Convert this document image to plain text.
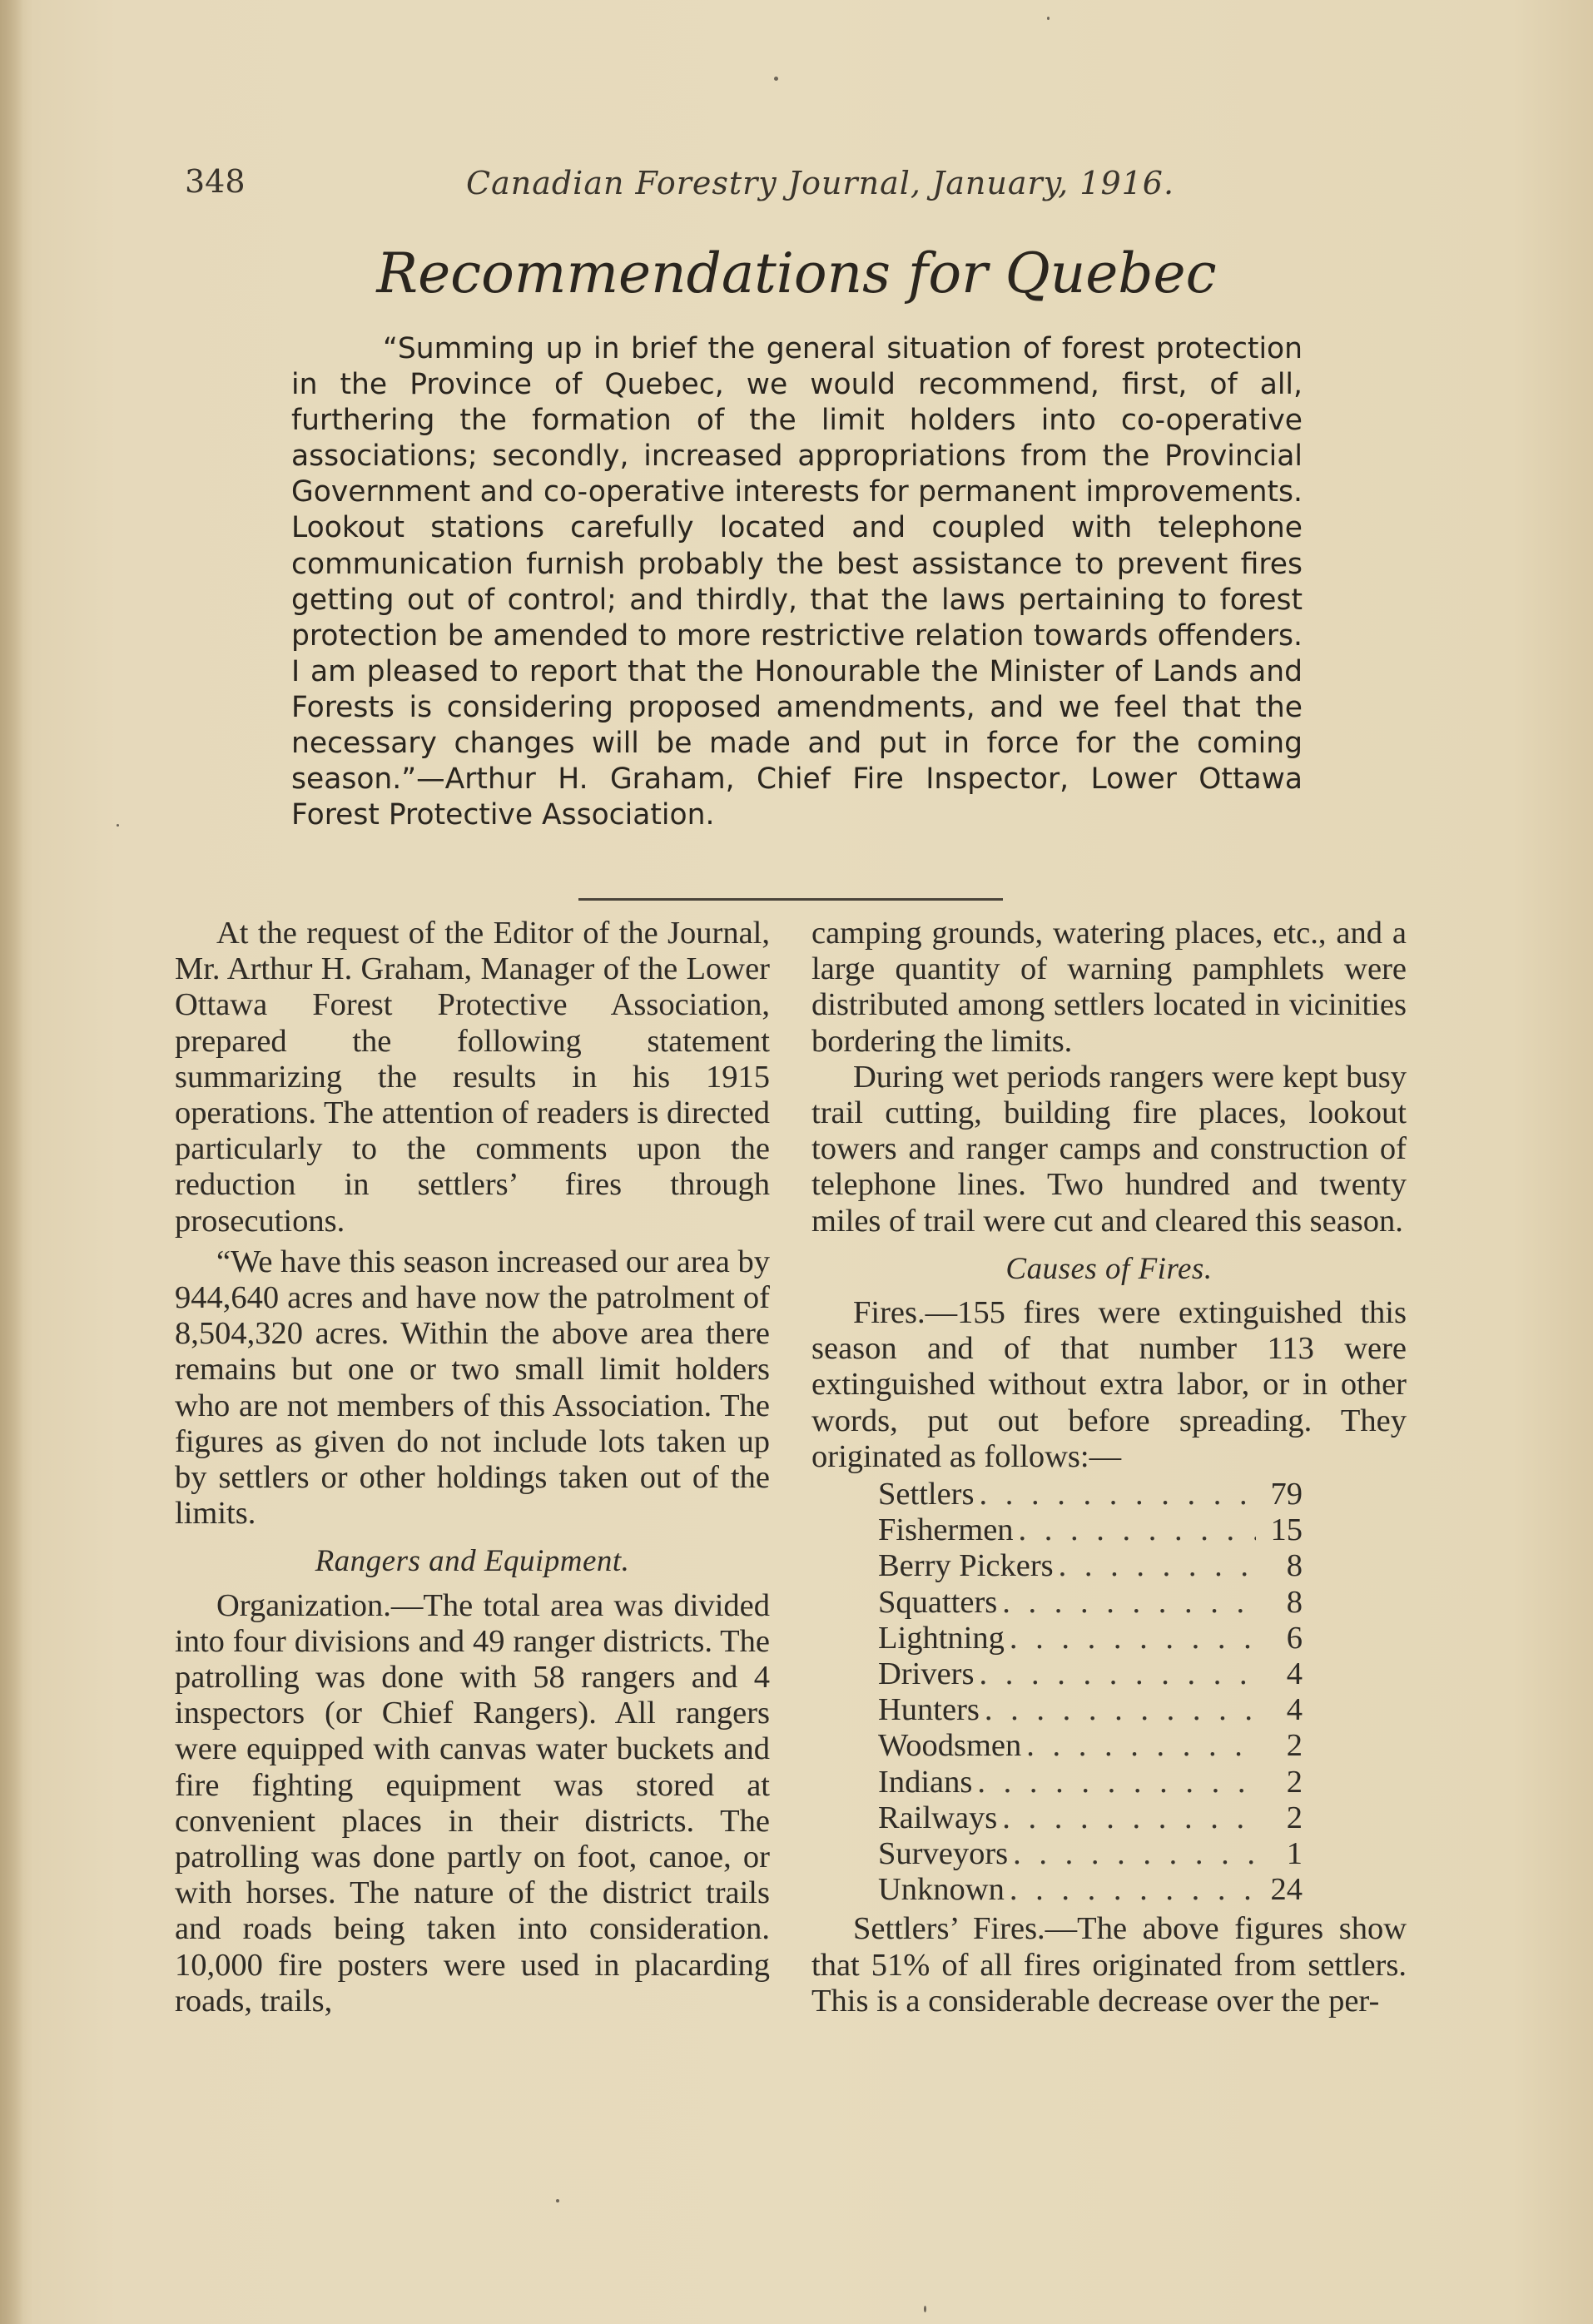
348	Canadian Forestry Journal, January, 1916.
Recommendations for Quebec

“Summing up in brief the general situation of forest protection in the Province of Quebec, we would recommend, first, of all, furthering the formation of the limit holders into co-operative associations; secondly, increased appropriations from the Provincial Government and co-operative interests for permanent improvements. Lookout stations carefully located and coupled with telephone communication furnish probably the best assistance to prevent fires getting out of control; and thirdly, that the laws pertaining to forest protection be amended to more restrictive relation towards offenders. I am pleased to report that the Honourable the Minister of Lands and Forests is considering proposed amendments, and we feel that the necessary changes will be made and put in force for the coming season.”—Arthur H. Graham, Chief Fire Inspector, Lower Ottawa Forest Protective Association.

At the request of the Editor of the Journal, Mr. Arthur H. Graham, Manager of the Lower Ottawa Forest Protective Association, prepared the following statement summarizing the results in his 1915 operations. The attention of readers is directed particularly to the comments upon the reduction in settlers’ fires through prosecutions.

“We have this season increased our area by 944,640 acres and have now the patrolment of 8,504,320 acres. Within the above area there remains but one or two small limit holders who are not members of this Association. The figures as given do not include lots taken up by settlers or other holdings taken out of the limits.

Rangers and Equipment.

Organization.—The total area was divided into four divisions and 49 ranger districts. The patrolling was done with 58 rangers and 4 inspectors (or Chief Rangers). All rangers were equipped with canvas water buckets and fire fighting equipment was stored at convenient places in their districts. The patrolling was done partly on foot, canoe, or with horses. The nature of the district trails and roads being taken into consideration. 10,000 fire posters were used in placarding roads, trails,

camping grounds, watering places, etc., and a large quantity of warning pamphlets were distributed among settlers located in vicinities bordering the limits.

During wet periods rangers were kept busy trail cutting, building fire places, lookout towers and ranger camps and construction of telephone lines. Two hundred and twenty miles of trail were cut and cleared this season.

Causes of Fires.

Fires.—155 fires were extinguished this season and of that number 113 were extinguished without extra labor, or in other words, put out before spreading. They originated as follows:—

Settlers . . .	79
Fishermen . . .	15
Berry Pickers . . .	8
Squatters . . .	8
Lightning . . .	6
Drivers . . .	4
Hunters . . .	4
Woodsmen . . .	2
Indians . . .	2
Railways . . .	2
Surveyors . . .	1
Unknown . . .	24

Settlers’ Fires.—The above figures show that 51% of all fires originated from settlers. This is a considerable decrease over the per-
